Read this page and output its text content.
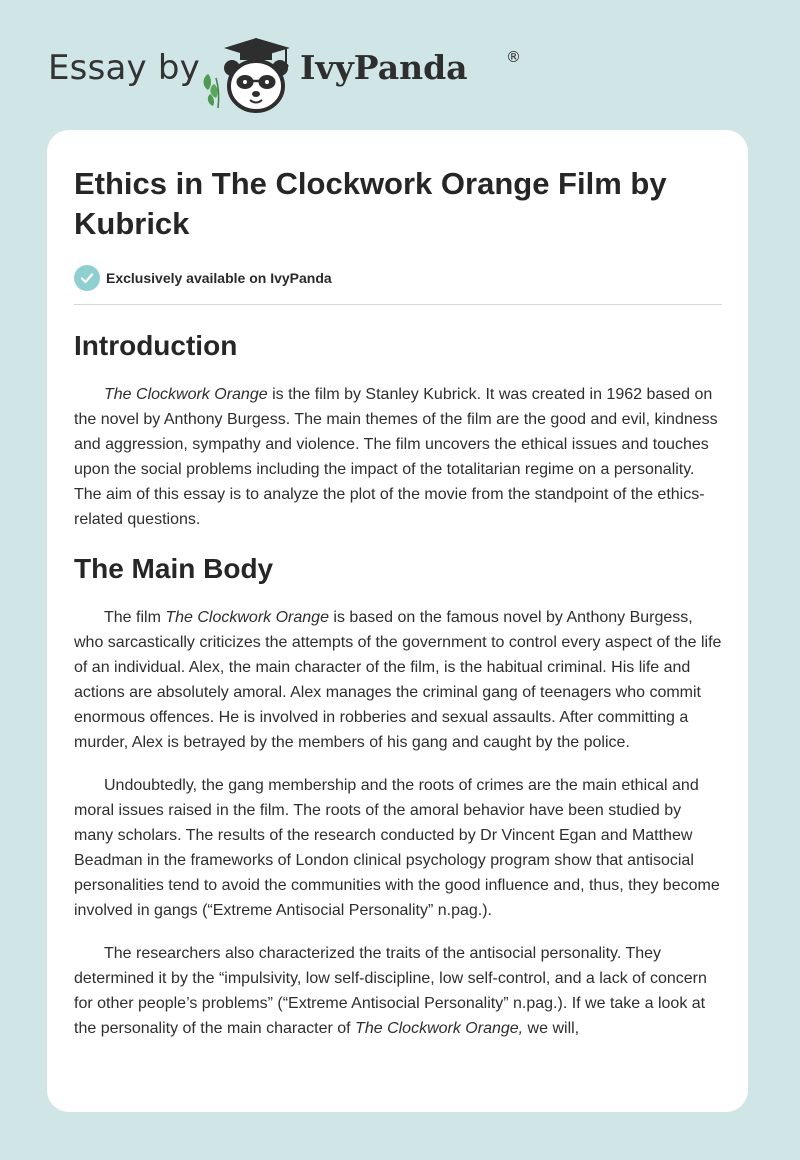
Essay by	IvyPanda	®
Ethics in The Clockwork Orange Film by Kubrick
Exclusively available on IvyPanda
Introduction

The Clockwork Orange is the film by Stanley Kubrick. It was created in 1962 based on the novel by Anthony Burgess. The main themes of the film are the good and evil, kindness and aggression, sympathy and violence. The film uncovers the ethical issues and touches upon the social problems including the impact of the totalitarian regime on a personality. The aim of this essay is to analyze the plot of the movie from the standpoint of the ethics-related questions.

The Main Body

The film The Clockwork Orange is based on the famous novel by Anthony Burgess, who sarcastically criticizes the attempts of the government to control every aspect of the life of an individual. Alex, the main character of the film, is the habitual criminal. His life and actions are absolutely amoral. Alex manages the criminal gang of teenagers who commit enormous offences. He is involved in robberies and sexual assaults. After committing a murder, Alex is betrayed by the members of his gang and caught by the police.

Undoubtedly, the gang membership and the roots of crimes are the main ethical and moral issues raised in the film. The roots of the amoral behavior have been studied by many scholars. The results of the research conducted by Dr Vincent Egan and Matthew Beadman in the frameworks of London clinical psychology program show that antisocial personalities tend to avoid the communities with the good influence and, thus, they become involved in gangs (“Extreme Antisocial Personality” n.pag.).

The researchers also characterized the traits of the antisocial personality. They determined it by the “impulsivity, low self-discipline, low self-control, and a lack of concern for other people’s problems” (“Extreme Antisocial Personality” n.pag.). If we take a look at the personality of the main character of The Clockwork Orange, we will,
